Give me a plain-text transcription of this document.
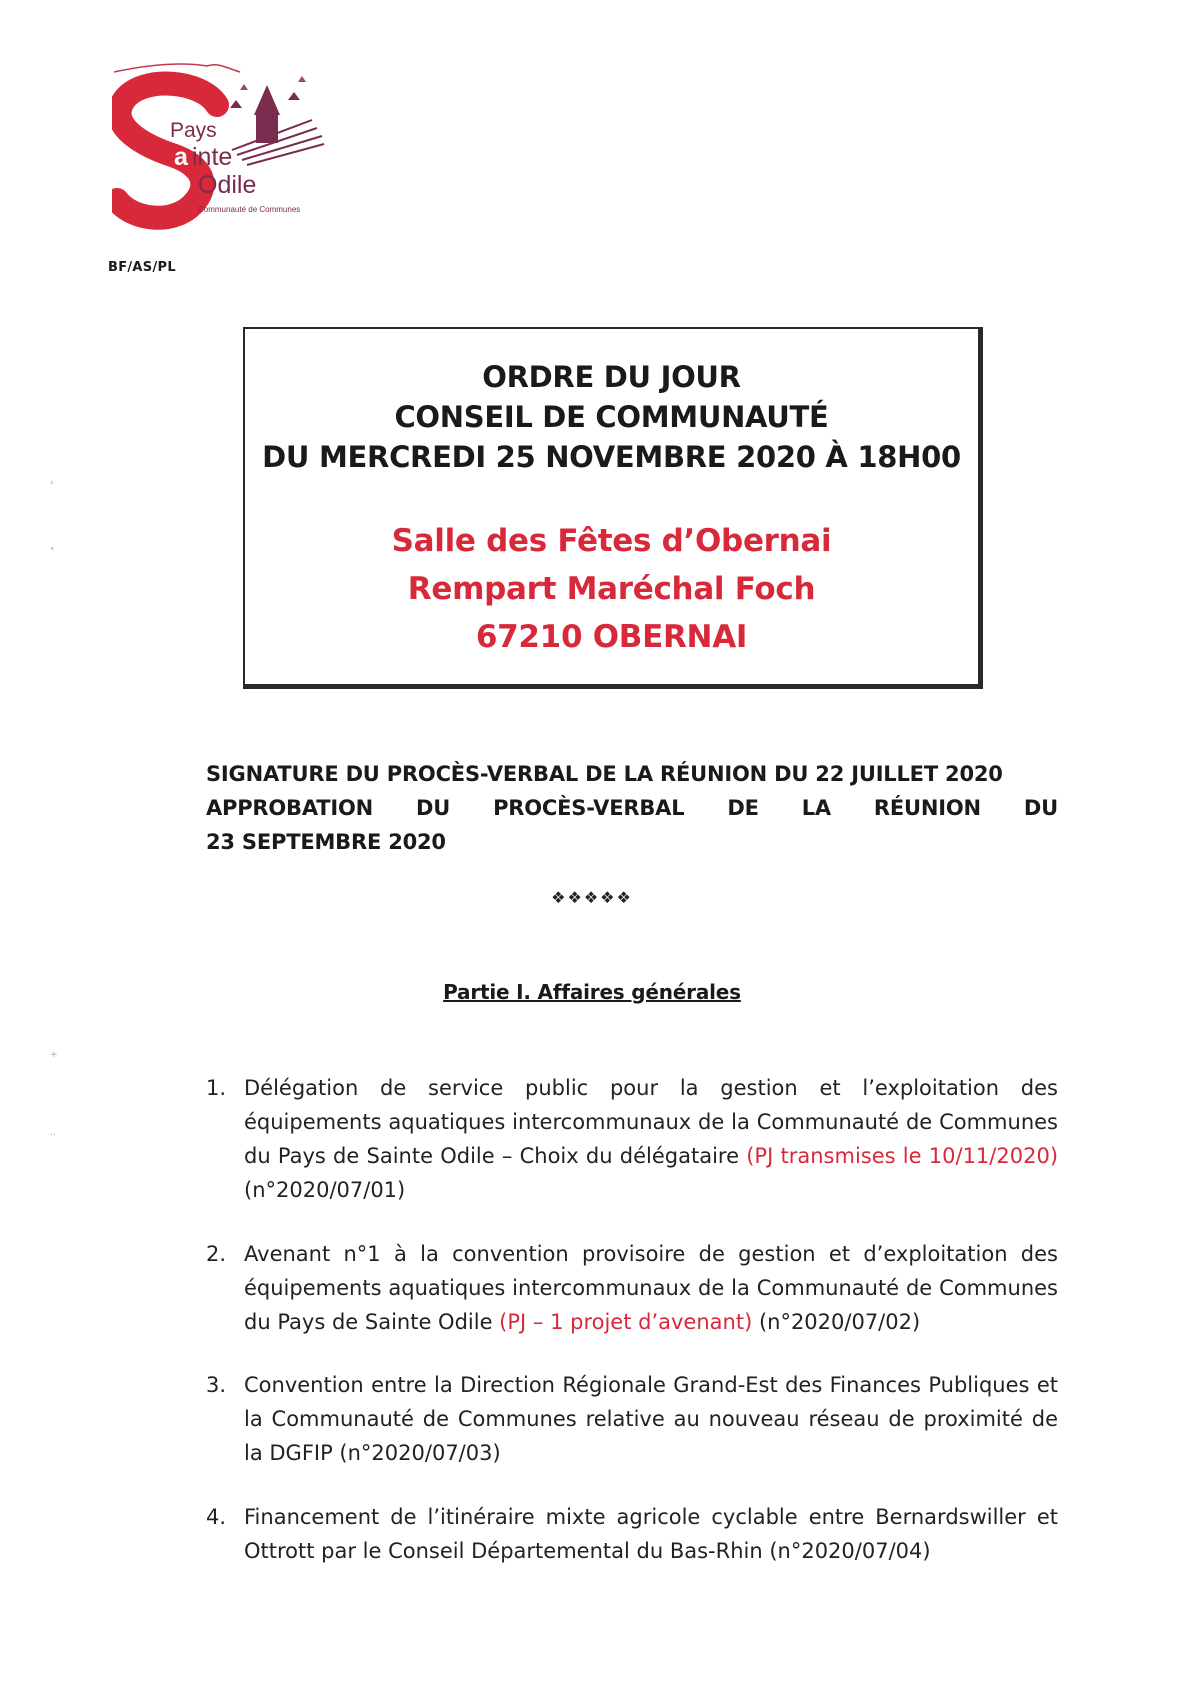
Pays de
a inte
Odile
Communauté de Communes
BF/AS/PL
›
˚
÷
‥
ORDRE DU JOUR
CONSEIL DE COMMUNAUTÉ
DU MERCREDI 25 NOVEMBRE 2020 À 18H00
Salle des Fêtes d’Obernai
Rempart Maréchal Foch
67210 OBERNAI
SIGNATURE DU PROCÈS-VERBAL DE LA RÉUNION DU 22 JUILLET 2020
APPROBATION DU PROCÈS-VERBAL DE LA RÉUNION DU
23 SEPTEMBRE 2020
❖❖❖❖❖
Partie I. Affaires générales
1. Délégation de service public pour la gestion et l’exploitation des équipements aquatiques intercommunaux de la Communauté de Communes du Pays de Sainte Odile – Choix du délégataire (PJ transmises le 10/11/2020) (n°2020/07/01)
2. Avenant n°1 à la convention provisoire de gestion et d’exploitation des équipements aquatiques intercommunaux de la Communauté de Communes du Pays de Sainte Odile (PJ – 1 projet d’avenant) (n°2020/07/02)
3. Convention entre la Direction Régionale Grand-Est des Finances Publiques et la Communauté de Communes relative au nouveau réseau de proximité de la DGFIP (n°2020/07/03)
4. Financement de l’itinéraire mixte agricole cyclable entre Bernardswiller et Ottrott par le Conseil Départemental du Bas-Rhin (n°2020/07/04)
